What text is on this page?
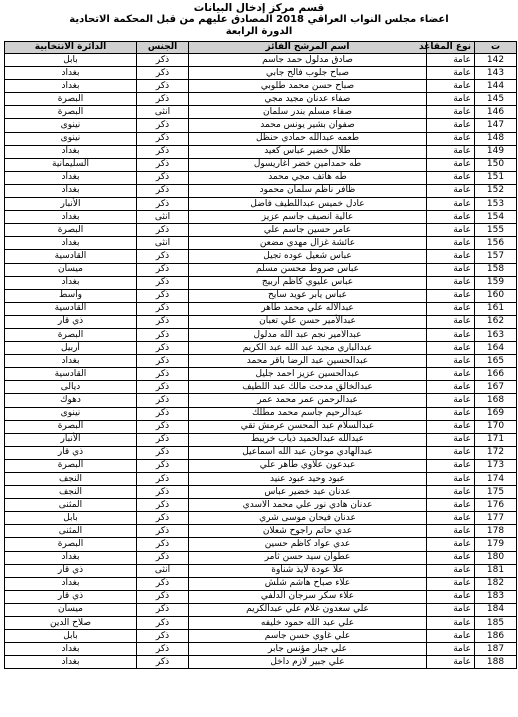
قسم مركز إدخال البيانات
اعضاء مجلس النواب العراقي 2018 المصادق عليهم من قبل المحكمة الاتحادية
الدورة الرابعة
ت	نوع المقاعد	اسم المرشح الفائز	الجنس	الدائرة الانتخابية
142	عامة	صادق مدلول حمد جاسم	ذكر	بابل
143	عامة	صباح جلوب فالح جابي	ذكر	بغداد
144	عامة	صباح حسن محمد طلوبي	ذكر	بغداد
145	عامة	صفاء عدنان مجيد مجي	ذكر	البصرة
146	عامة	صفاء مسلم بندر سلمان	انثى	البصرة
147	عامة	صفوان بشير يونس محمد	ذكر	نينوى
148	عامة	طعمه عبدالله حمادي حنظل	ذكر	نينوى
149	عامة	طلال خضير عباس كعيد	ذكر	بغداد
150	عامة	طه حمدامين خضر اغاريسول	ذكر	السليمانية
151	عامة	طه هاتف مجي محمد	ذكر	بغداد
152	عامة	ظافر ناظم سلمان محمود	ذكر	بغداد
153	عامة	عادل خميس عبداللطيف فاضل	ذكر	الأنبار
154	عامة	عالية انصيف جاسم عزيز	انثى	بغداد
155	عامة	عامر حسين جاسم علي	ذكر	البصرة
156	عامة	عائشة غزال مهدي مضعن	انثى	بغداد
157	عامة	عباس شعيل عوده تجيل	ذكر	القادسية
158	عامة	عباس صروط محسن مسلم	ذكر	ميسان
159	عامة	عباس عليوي كاظم اربيج	ذكر	بغداد
160	عامة	عباس يابر عويد سايح	ذكر	واسط
161	عامة	عبدالاله علي محمد طاهر	ذكر	القادسية
162	عامة	عبدالأمير حسن علي تعبان	ذكر	ذي قار
163	عامة	عبدالامير نجم عبد الله مدلول	ذكر	البصرة
164	عامة	عبدالباري مجيد عبد الله عبد الكريم	ذكر	أربيل
165	عامة	عبدالحسين عبد الرضا باقر محمد	ذكر	بغداد
166	عامة	عبدالحسين عزيز احمد جليل	ذكر	القادسية
167	عامة	عبدالخالق مدحت مالك عبد اللطيف	ذكر	ديالى
168	عامة	عبدالرحمن عمر محمد عمر	ذكر	دهوك
169	عامة	عبدالرحيم جاسم محمد مطلك	ذكر	نينوى
170	عامة	عبدالسلام عبد المحسن عرمش تقي	ذكر	البصرة
171	عامة	عبدالله عبدالحميد ذياب خريبط	ذكر	الأنبار
172	عامة	عبدالهادي موحان عبد الله اسماعيل	ذكر	ذي قار
173	عامة	عبدعون علاوي طاهر علي	ذكر	البصرة
174	عامة	عبود وحيد عبود عنيد	ذكر	النجف
175	عامة	عدنان عبد خضير عباس	ذكر	النجف
176	عامة	عدنان هادي نور علي محمد الاسدي	ذكر	المثنى
177	عامة	عدنان فيحان موسى شري	ذكر	بابل
178	عامة	عدي حاتم راجوح شعلان	ذكر	المثنى
179	عامة	عدي عواد كاظم حسين	ذكر	البصرة
180	عامة	عطوان سيد حسن ثامر	ذكر	بغداد
181	عامة	علا عودة لايذ شناوة	انثى	ذي قار
182	عامة	علاء صباح هاشم شلش	ذكر	بغداد
183	عامة	علاء سكر سرجان الدلفي	ذكر	ذي قار
184	عامة	علي سعدون غلام علي عبدالكريم	ذكر	ميسان
185	عامة	علي عبد الله حمود خليفه	ذكر	صلاح الدين
186	عامة	علي غاوي حسن جاسم	ذكر	بابل
187	عامة	علي جبار مؤنس جابر	ذكر	بغداد
188	عامة	علي جبير لازم داخل	ذكر	بغداد
